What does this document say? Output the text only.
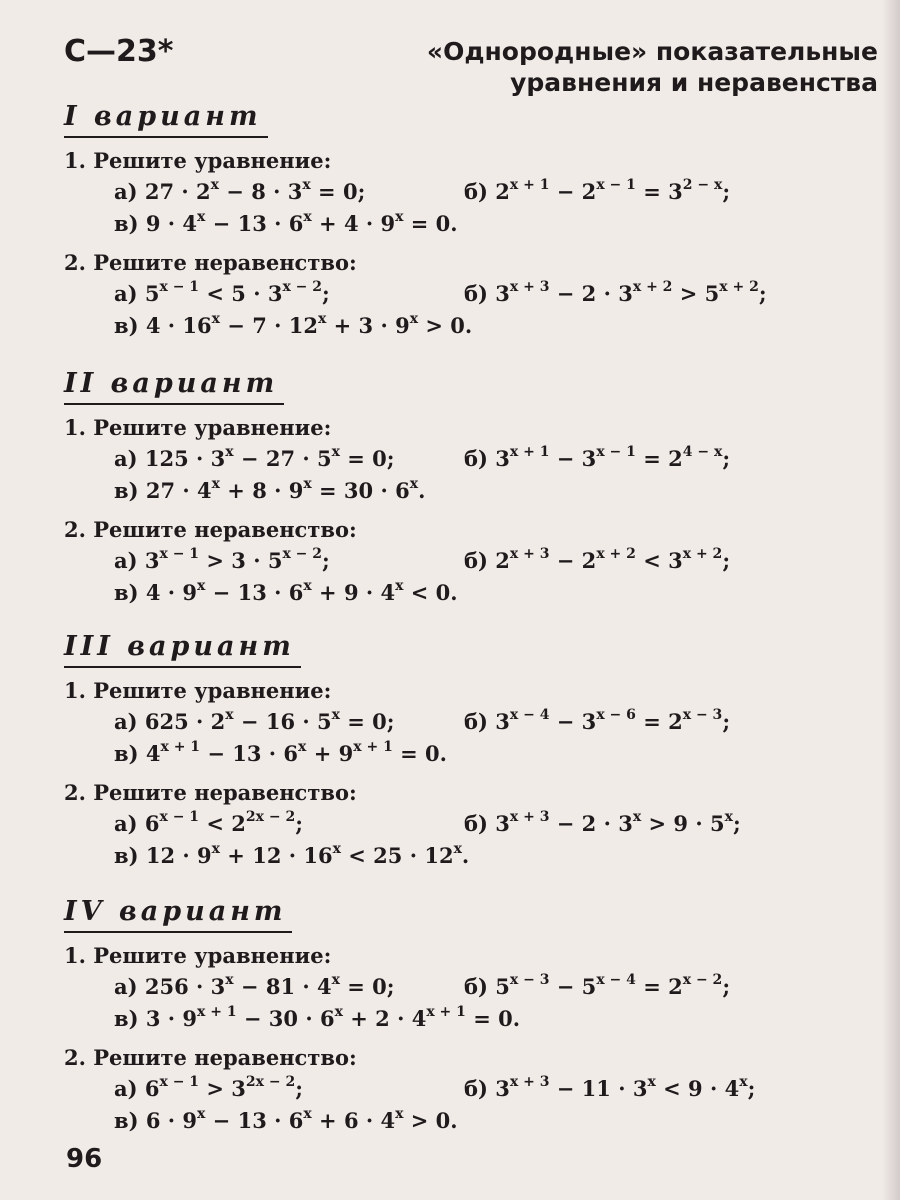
С—23*	«Однородные» показательные
уравнения и неравенства
I вариант
1. Решите уравнение:
а) $27 \cdot 2^x - 8 \cdot 3^x = 0$;	б) $2^{x + 1} - 2^{x - 1} = 3^{2 - x}$;
в) $9 \cdot 4^x - 13 \cdot 6^x + 4 \cdot 9^x = 0$.
2. Решите неравенство:
а) $5^{x - 1} < 5 \cdot 3^{x - 2}$;	б) $3^{x + 3} - 2 \cdot 3^{x + 2} > 5^{x + 2}$;
в) $4 \cdot 16^x - 7 \cdot 12^x + 3 \cdot 9^x > 0$.
II вариант
1. Решите уравнение:
а) $125 \cdot 3^x - 27 \cdot 5^x = 0$;	б) $3^{x + 1} - 3^{x - 1} = 2^{4 - x}$;
в) $27 \cdot 4^x + 8 \cdot 9^x = 30 \cdot 6^x$.
2. Решите неравенство:
а) $3^{x - 1} > 3 \cdot 5^{x - 2}$;	б) $2^{x + 3} - 2^{x + 2} < 3^{x + 2}$;
в) $4 \cdot 9^x - 13 \cdot 6^x + 9 \cdot 4^x < 0$.
III вариант
1. Решите уравнение:
а) $625 \cdot 2^x - 16 \cdot 5^x = 0$;	б) $3^{x - 4} - 3^{x - 6} = 2^{x - 3}$;
в) $4^{x + 1} - 13 \cdot 6^x + 9^{x + 1} = 0$.
2. Решите неравенство:
а) $6^{x - 1} < 2^{2x - 2}$;	б) $3^{x + 3} - 2 \cdot 3^x > 9 \cdot 5^x$;
в) $12 \cdot 9^x + 12 \cdot 16^x < 25 \cdot 12^x$.
IV вариант
1. Решите уравнение:
а) $256 \cdot 3^x - 81 \cdot 4^x = 0$;	б) $5^{x - 3} - 5^{x - 4} = 2^{x - 2}$;
в) $3 \cdot 9^{x + 1} - 30 \cdot 6^x + 2 \cdot 4^{x + 1} = 0$.
2. Решите неравенство:
а) $6^{x - 1} > 3^{2x - 2}$;	б) $3^{x + 3} - 11 \cdot 3^x < 9 \cdot 4^x$;
в) $6 \cdot 9^x - 13 \cdot 6^x + 6 \cdot 4^x > 0$.
96
